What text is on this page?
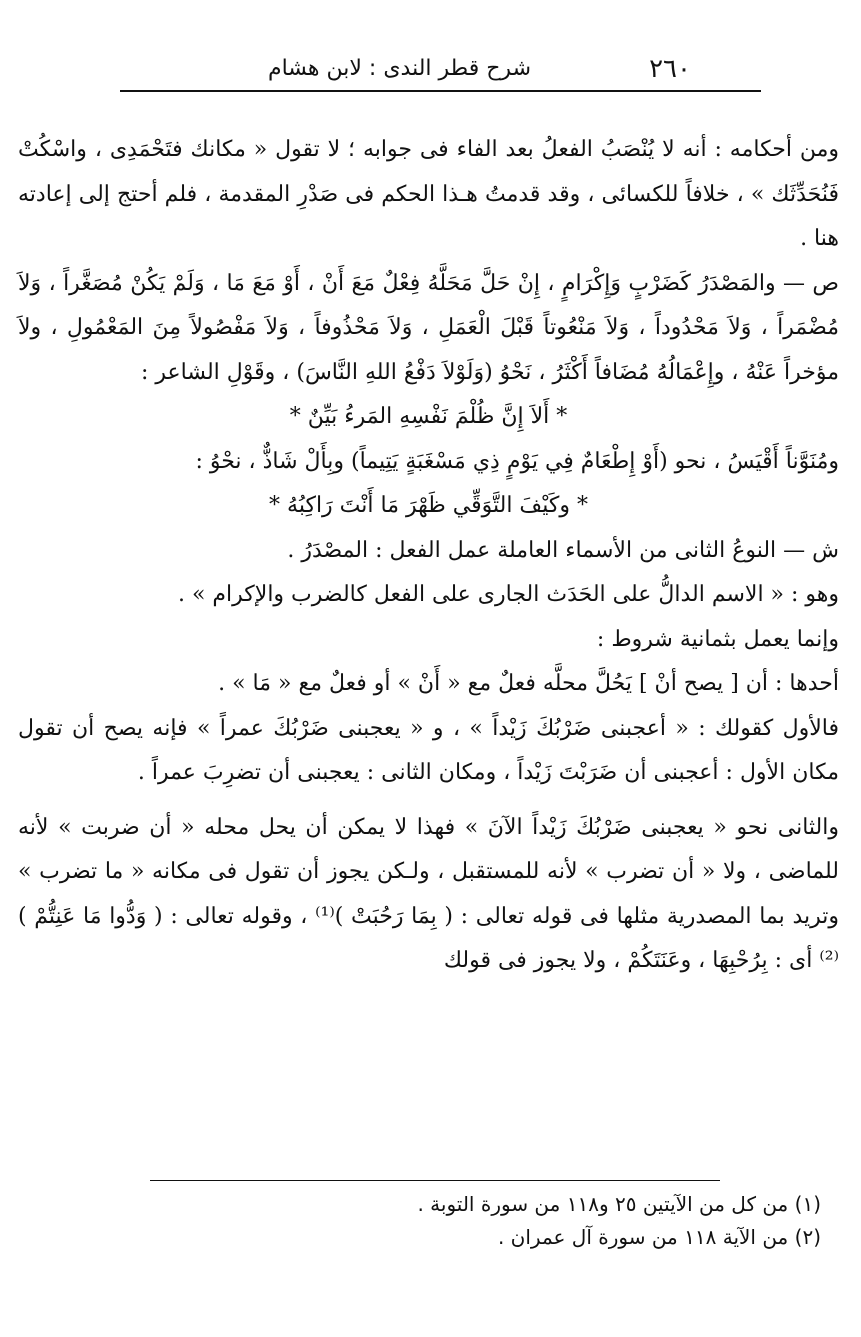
٢٦٠
شرح قطر الندى : لابن هشام

ومن أحكامه : أنه لا يُنْصَبُ الفعلُ بعد الفاء فى جوابه ؛ لا تقول « مكانك فتَحْمَدِى ، واسْكُتْ فَنُحَدِّثَك » ، خلافاً للكسائى ، وقد قدمتُ هـذا الحكم فى صَدْرِ المقدمة ، فلم أحتج إلى إعادته هنا .

ص — والمَصْدَرُ كَضَرْبٍ وَإِكْرَامٍ ، إِنْ حَلَّ مَحَلَّهُ فِعْلٌ مَعَ أَنْ ، أَوْ مَعَ مَا ، وَلَمْ يَكُنْ مُصَغَّراً ، وَلاَ مُضْمَراً ، وَلاَ مَحْدُوداً ، وَلاَ مَنْعُوتاً قَبْلَ الْعَمَلِ ، وَلاَ مَحْذُوفاً ، وَلاَ مَفْصُولاً مِنَ المَعْمُولِ ، ولاَ مؤخراً عَنْهُ ، وإِعْمَالُهُ مُضَافاً أَكْثَرُ ، نَحْوُ (وَلَوْلاَ دَفْعُ اللهِ النَّاسَ) ، وقَوْلِ الشاعر :

* أَلاَ إِنَّ ظُلْمَ نَفْسِهِ المَرءُ بَيِّنٌ *

ومُنَوَّناً أَقْيَسُ ، نحو (أَوْ إِطْعَامٌ فِي يَوْمٍ ذِي مَسْغَبَةٍ يَتِيماً) وبِأَلْ شَاذٌّ ، نحْوُ :

* وكَيْفَ التَّوَقِّي ظَهْرَ مَا أَنْتَ رَاكِبُهُ *

ش — النوعُ الثانى من الأسماء العاملة عمل الفعل : المصْدَرُ .

وهو : « الاسم الدالُّ على الحَدَث الجارى على الفعل كالضرب والإكرام » .

وإنما يعمل بثمانية شروط :

أحدها : أن [ يصح أنْ ] يَحُلَّ محلَّه فعلٌ مع « أَنْ » أو فعلٌ مع « مَا » .

فالأول كقولك : « أعجبنى ضَرْبُكَ زَيْداً » ، و « يعجبنى ضَرْبُكَ عمراً » فإنه يصح أن تقول مكان الأول : أعجبنى أن ضَرَبْتَ زَيْداً ، ومكان الثانى : يعجبنى أن تضرِبَ عمراً .

والثانى نحو « يعجبنى ضَرْبُكَ زَيْداً الآنَ » فهذا لا يمكن أن يحل محله « أن ضربت » لأنه للماضى ، ولا « أن تضرب » لأنه للمستقبل ، ولـكن يجوز أن تقول فى مكانه « ما تضرب » وتريد بما المصدرية مثلها فى قوله تعالى : ( بِمَا رَحُبَتْ )⁽¹⁾ ، وقوله تعالى : ( وَدُّوا مَا عَنِتُّمْ )⁽²⁾ أى : بِرُحْبِهَا ، وعَنَتَكُمْ ، ولا يجوز فى قولك

(١) من كل من الآيتين ٢٥ و١١٨ من سورة التوبة .

(٢) من الآية ١١٨ من سورة آل عمران .
